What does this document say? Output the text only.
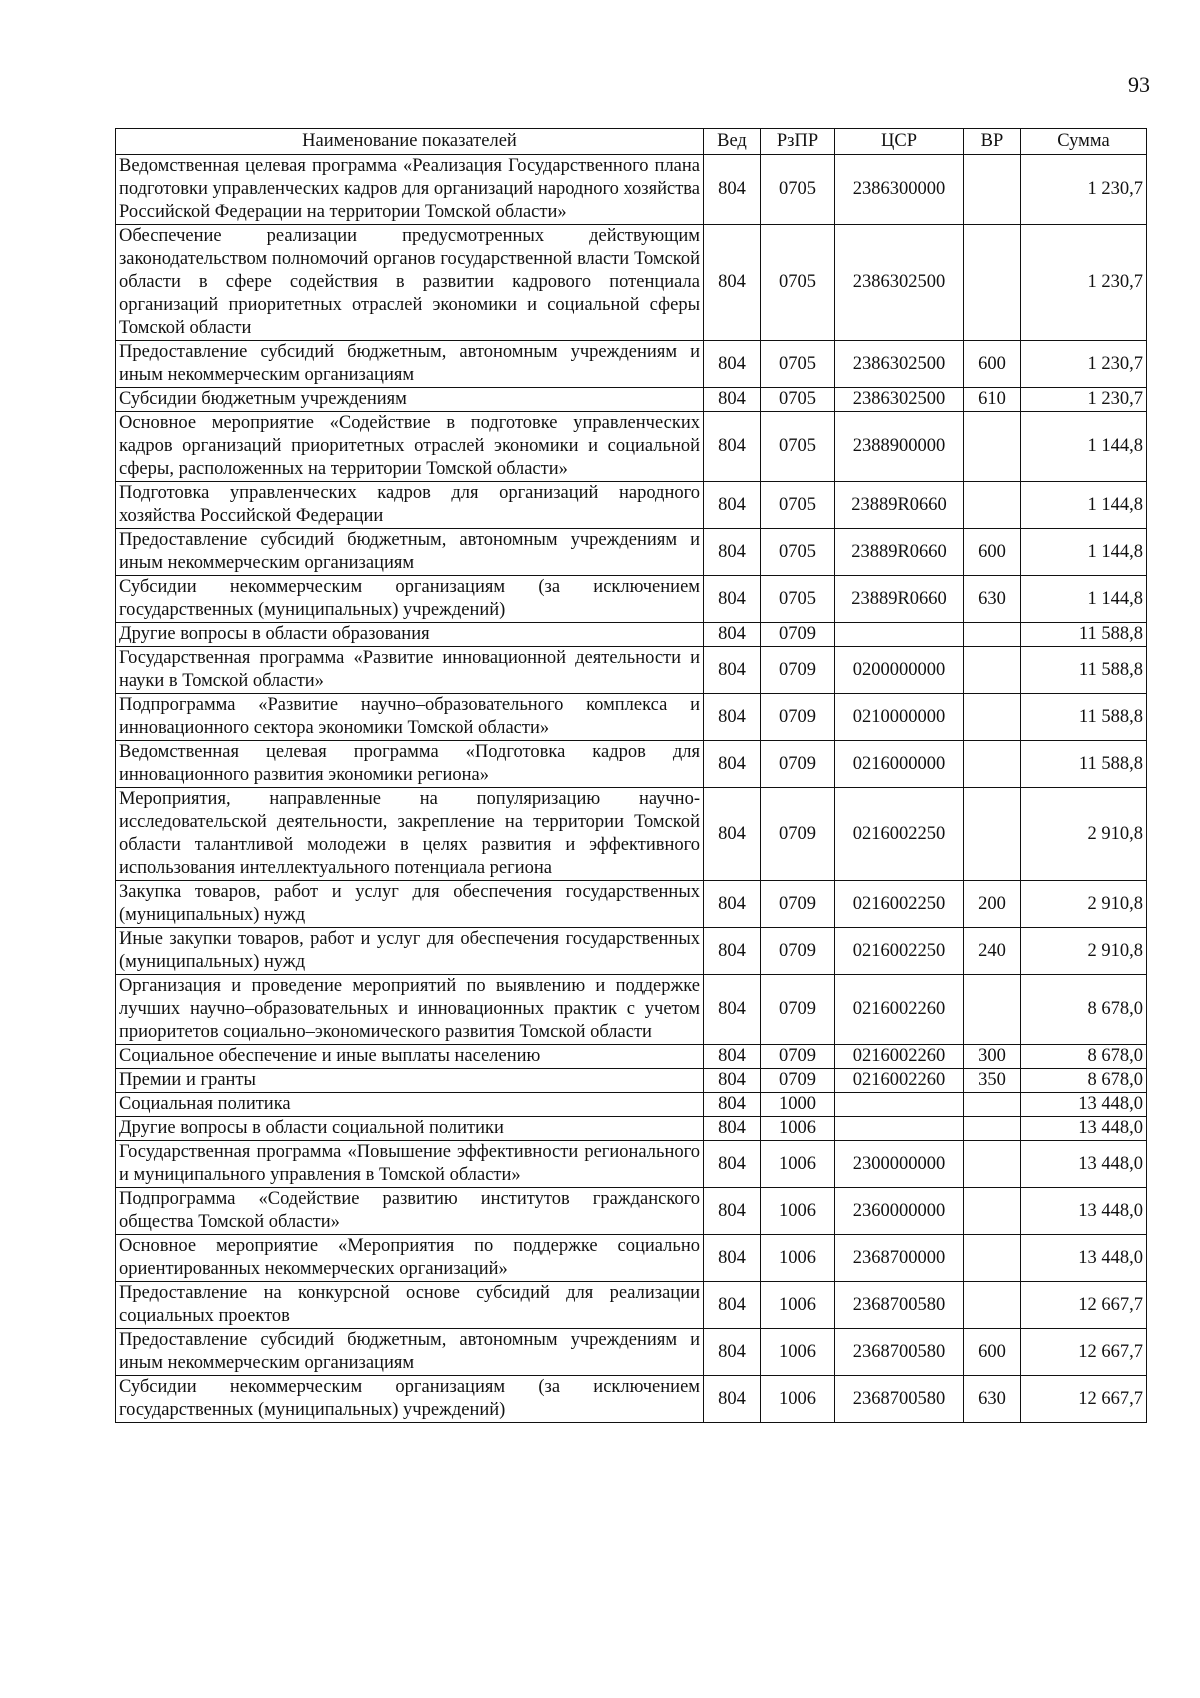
93
Наименование показателей	Вед	РзПР	ЦСР	ВР	Сумма
Ведомственная целевая программа «Реализация Государственного плана подготовки управленческих кадров для организаций народного хозяйства Российской Федерации на территории Томской области»	804	0705	2386300000		1 230,7
Обеспечение реализации предусмотренных действующим законодательством полномочий органов государственной власти Томской области в сфере содействия в развитии кадрового потенциала организаций приоритетных отраслей экономики и социальной сферы Томской области	804	0705	2386302500		1 230,7
Предоставление субсидий бюджетным, автономным учреждениям и иным некоммерческим организациям	804	0705	2386302500	600	1 230,7
Субсидии бюджетным учреждениям	804	0705	2386302500	610	1 230,7
Основное мероприятие «Содействие в подготовке управленческих кадров организаций приоритетных отраслей экономики и социальной сферы, расположенных на территории Томской области»	804	0705	2388900000		1 144,8
Подготовка управленческих кадров для организаций народного хозяйства Российской Федерации	804	0705	23889R0660		1 144,8
Предоставление субсидий бюджетным, автономным учреждениям и иным некоммерческим организациям	804	0705	23889R0660	600	1 144,8
Субсидии некоммерческим организациям (за исключением государственных (муниципальных) учреждений)	804	0705	23889R0660	630	1 144,8
Другие вопросы в области образования	804	0709			11 588,8
Государственная программа «Развитие инновационной деятельности и науки в Томской области»	804	0709	0200000000		11 588,8
Подпрограмма «Развитие научно–образовательного комплекса и инновационного сектора экономики Томской области»	804	0709	0210000000		11 588,8
Ведомственная целевая программа «Подготовка кадров для инновационного развития экономики региона»	804	0709	0216000000		11 588,8
Мероприятия, направленные на популяризацию научно-исследовательской деятельности, закрепление на территории Томской области талантливой молодежи в целях развития и эффективного использования интеллектуального потенциала региона	804	0709	0216002250		2 910,8
Закупка товаров, работ и услуг для обеспечения государственных (муниципальных) нужд	804	0709	0216002250	200	2 910,8
Иные закупки товаров, работ и услуг для обеспечения государственных (муниципальных) нужд	804	0709	0216002250	240	2 910,8
Организация и проведение мероприятий по выявлению и поддержке лучших научно–образовательных и инновационных практик с учетом приоритетов социально–экономического развития Томской области	804	0709	0216002260		8 678,0
Социальное обеспечение и иные выплаты населению	804	0709	0216002260	300	8 678,0
Премии и гранты	804	0709	0216002260	350	8 678,0
Социальная политика	804	1000			13 448,0
Другие вопросы в области социальной политики	804	1006			13 448,0
Государственная программа «Повышение эффективности регионального и муниципального управления в Томской области»	804	1006	2300000000		13 448,0
Подпрограмма «Содействие развитию институтов гражданского общества Томской области»	804	1006	2360000000		13 448,0
Основное мероприятие «Мероприятия по поддержке социально ориентированных некоммерческих организаций»	804	1006	2368700000		13 448,0
Предоставление на конкурсной основе субсидий для реализации социальных проектов	804	1006	2368700580		12 667,7
Предоставление субсидий бюджетным, автономным учреждениям и иным некоммерческим организациям	804	1006	2368700580	600	12 667,7
Субсидии некоммерческим организациям (за исключением государственных (муниципальных) учреждений)	804	1006	2368700580	630	12 667,7
